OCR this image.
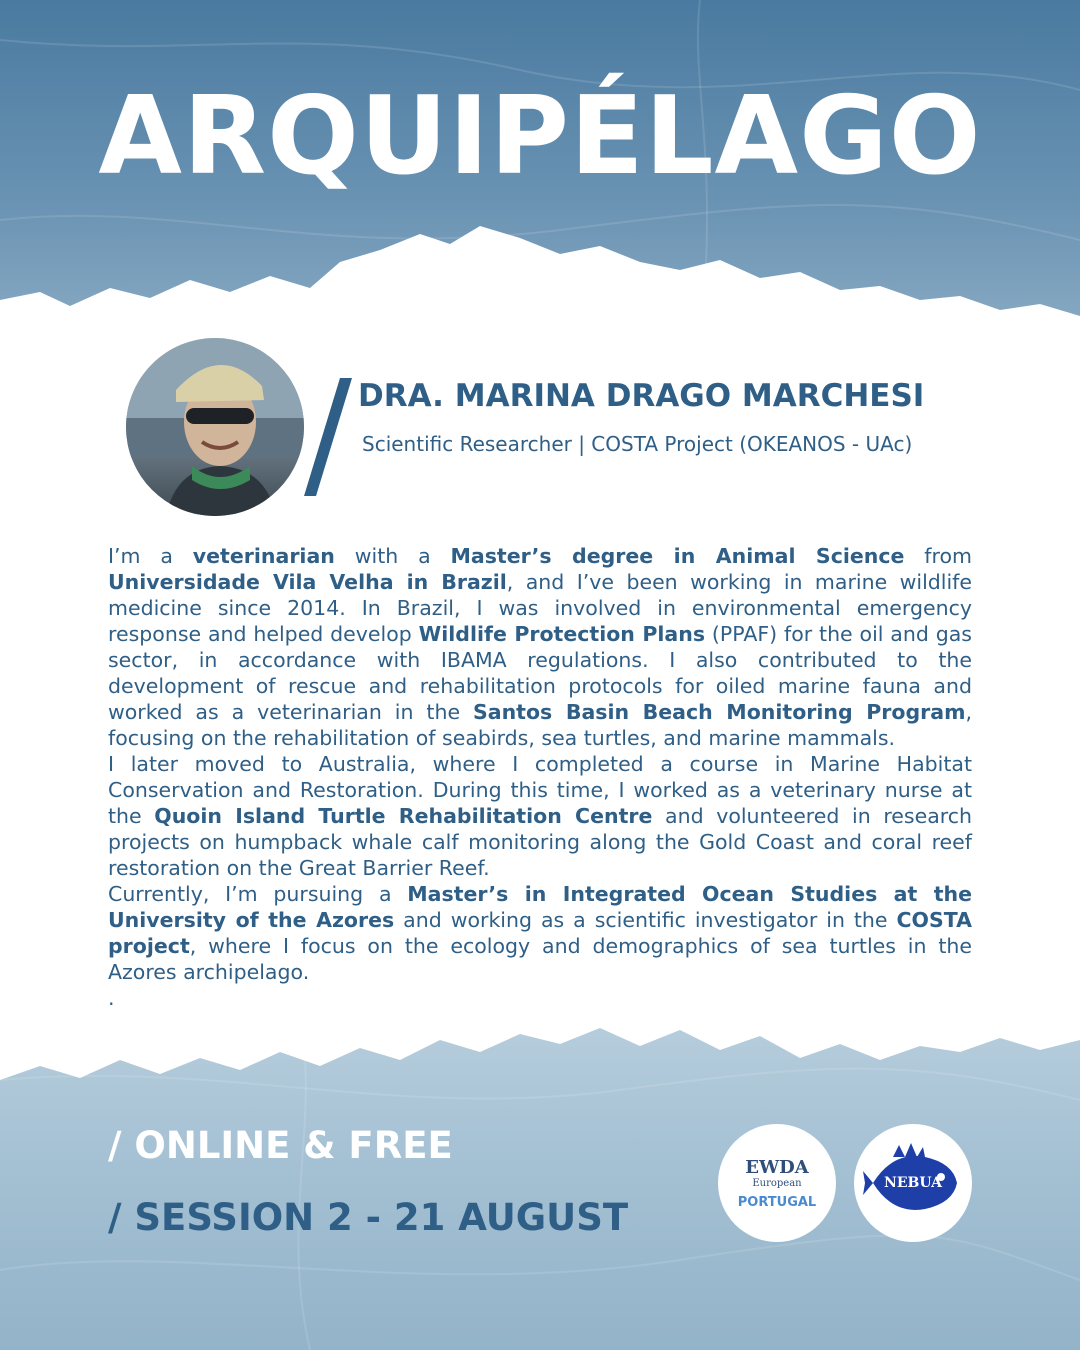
ARQUIPÉLAGO
DRA. MARINA DRAGO MARCHESI
Scientific Researcher | COSTA Project (OKEANOS - UAc)

I’m a veterinarian with a Master’s degree in Animal Science from Universidade Vila Velha in Brazil, and I’ve been working in marine wildlife medicine since 2014. In Brazil, I was involved in environmental emergency response and helped develop Wildlife Protection Plans (PPAF) for the oil and gas sector, in accordance with IBAMA regulations. I also contributed to the development of rescue and rehabilitation protocols for oiled marine fauna and worked as a veterinarian in the Santos Basin Beach Monitoring Program, focusing on the rehabilitation of seabirds, sea turtles, and marine mammals.

I later moved to Australia, where I completed a course in Marine Habitat Conservation and Restoration. During this time, I worked as a veterinary nurse at the Quoin Island Turtle Rehabilitation Centre and volunteered in research projects on humpback whale calf monitoring along the Gold Coast and coral reef restoration on the Great Barrier Reef.

Currently, I’m pursuing a Master’s in Integrated Ocean Studies at the University of the Azores and working as a scientific investigator in the COSTA project, where I focus on the ecology and demographics of sea turtles in the Azores archipelago.

.

/ ONLINE & FREE
/ SESSION 2 - 21 AUGUST
EWDA
European
PORTUGAL
NEBUA
